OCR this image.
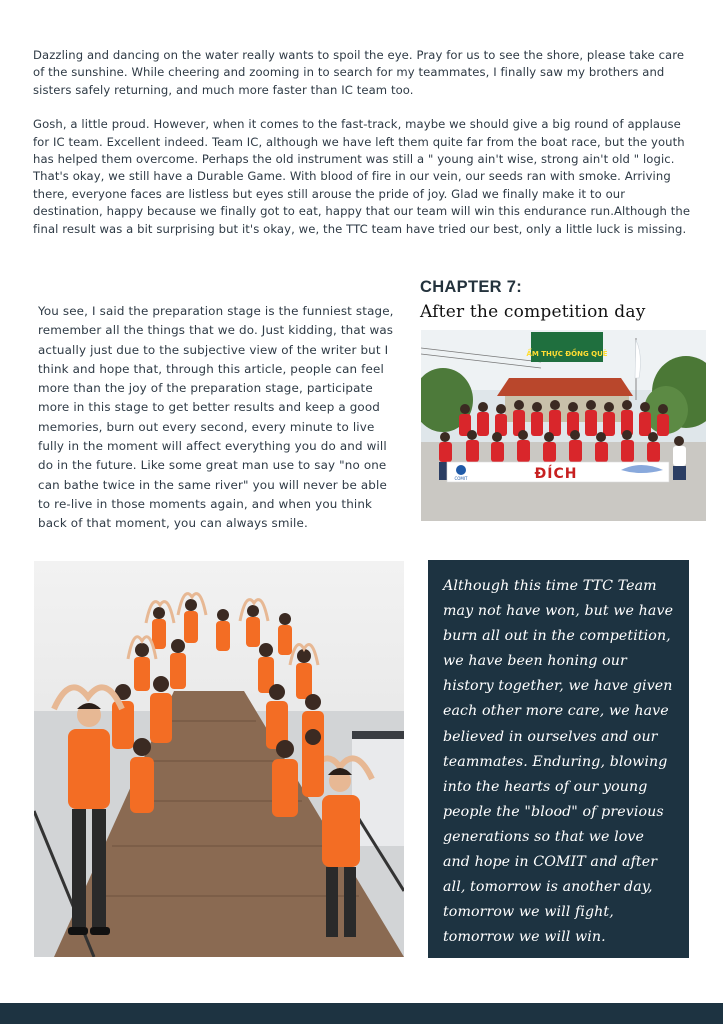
Dazzling and dancing on the water really wants to spoil the eye. Pray for us to see the shore, please take care of the sunshine. While cheering and zooming in to search for my teammates, I finally saw my brothers and sisters safely returning, and much more faster than IC team too.

Gosh, a little proud. However, when it comes to the fast-track, maybe we should give a big round of applause for IC team. Excellent indeed. Team IC, although we have left them quite far from the boat race, but the youth has helped them overcome. Perhaps the old instrument was still a " young ain't wise, strong ain't old " logic.

That's okay, we still have a Durable Game. With blood of fire in our vein, our seeds ran with smoke. Arriving there, everyone faces are listless but eyes still arouse the pride of joy. Glad we finally make it to our destination, happy because we finally got to eat, happy that our team will win this endurance run.Although the final result was a bit surprising but it's okay, we, the TTC team have tried our best, only a little luck is missing.

You see, I said the preparation stage is the funniest stage, remember all the things that we do. Just kidding, that was actually just due to the subjective view of the writer but I think and hope that, through this article, people can feel more than the joy of the preparation stage, participate more in this stage to get better results and keep a good memories, burn out every second, every minute to live fully in the moment will affect everything you do and will do in the future. Like some great man use to say "no one can bathe twice in the same river" you will never be able to re-live in those moments again, and when you think back of that moment, you can always smile.
CHAPTER 7:
After the competition day
ẨM THỰC ĐỒNG QUÊ
COMIT	ĐÍCH

Although this time TTC Team may not have won, but we have burn all out in the competition, we have been honing our history together, we have given each other more care, we have believed in ourselves and our teammates. Enduring, blowing into the hearts of our young people the "blood" of previous generations so that we love and hope in COMIT and after all, tomorrow is another day, tomorrow we will fight, tomorrow we will win.
